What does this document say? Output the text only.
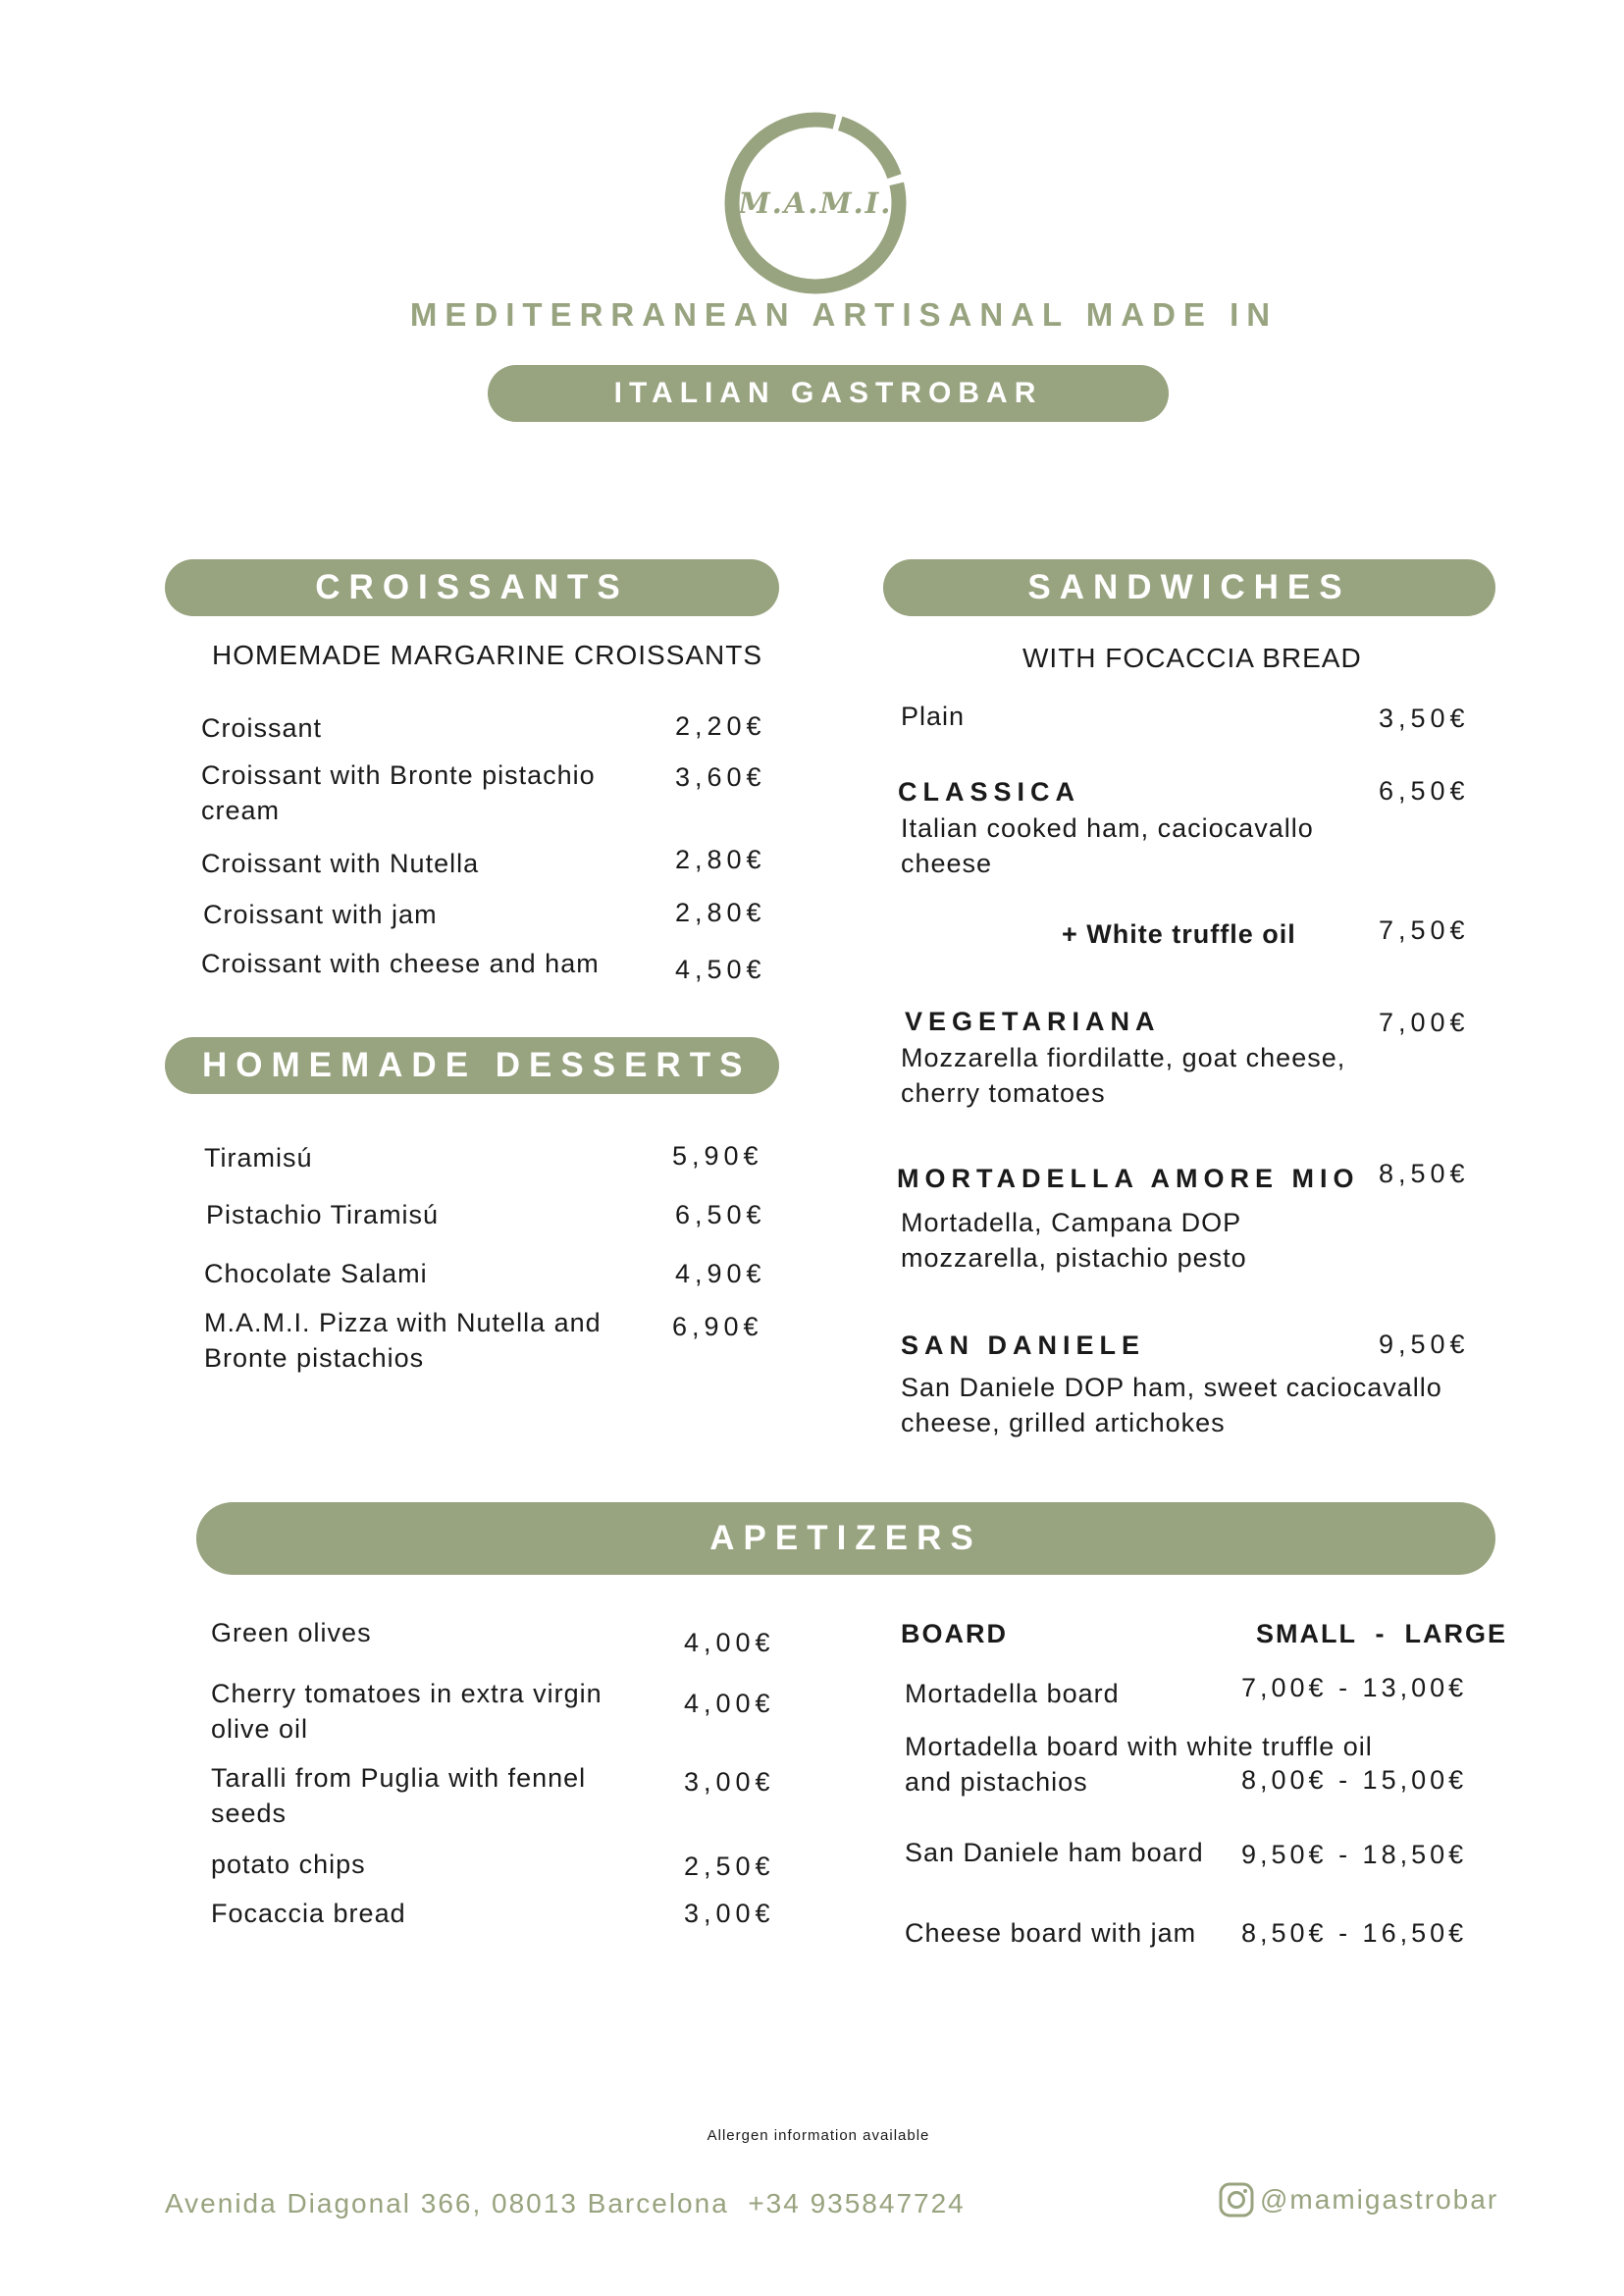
M.A.M.I.
MEDITERRANEAN ARTISANAL MADE IN
ITALIAN GASTROBAR
CROISSANTS
HOMEMADE MARGARINE CROISSANTS
Croissant	2,20€
Croissant with Bronte pistachio cream
3,60€
Croissant with Nutella	2,80€
Croissant with jam	2,80€
Croissant with cheese and ham	4,50€
HOMEMADE DESSERTS
Tiramisú	5,90€
Pistachio Tiramisú	6,50€
Chocolate Salami	4,90€
M.A.M.I. Pizza with Nutella and Bronte pistachios
6,90€
SANDWICHES
WITH FOCACCIA BREAD
Plain	3,50€
CLASSICA	6,50€
Italian cooked ham, caciocavallo cheese
+ White truffle oil	7,50€
VEGETARIANA	7,00€
Mozzarella fiordilatte, goat cheese, cherry tomatoes
MORTADELLA AMORE MIO 8,50€
Mortadella, Campana DOP mozzarella, pistachio pesto
SAN DANIELE	9,50€
San Daniele DOP ham, sweet caciocavallo cheese, grilled artichokes
APETIZERS
Green olives	4,00€
Cherry tomatoes in extra virgin olive oil
4,00€
Taralli from Puglia with fennel seeds
3,00€
potato chips	2,50€
Focaccia bread	3,00€
BOARD	SMALL  -  LARGE
Mortadella board	7,00€ - 13,00€
Mortadella board with white truffle oil and pistachios	8,00€ - 15,00€
San Daniele ham board 9,50€ - 18,50€
Cheese board with jam 8,50€ - 16,50€
Allergen information available
Avenida Diagonal 366, 08013 Barcelona  +34 935847724	@mamigastrobar
